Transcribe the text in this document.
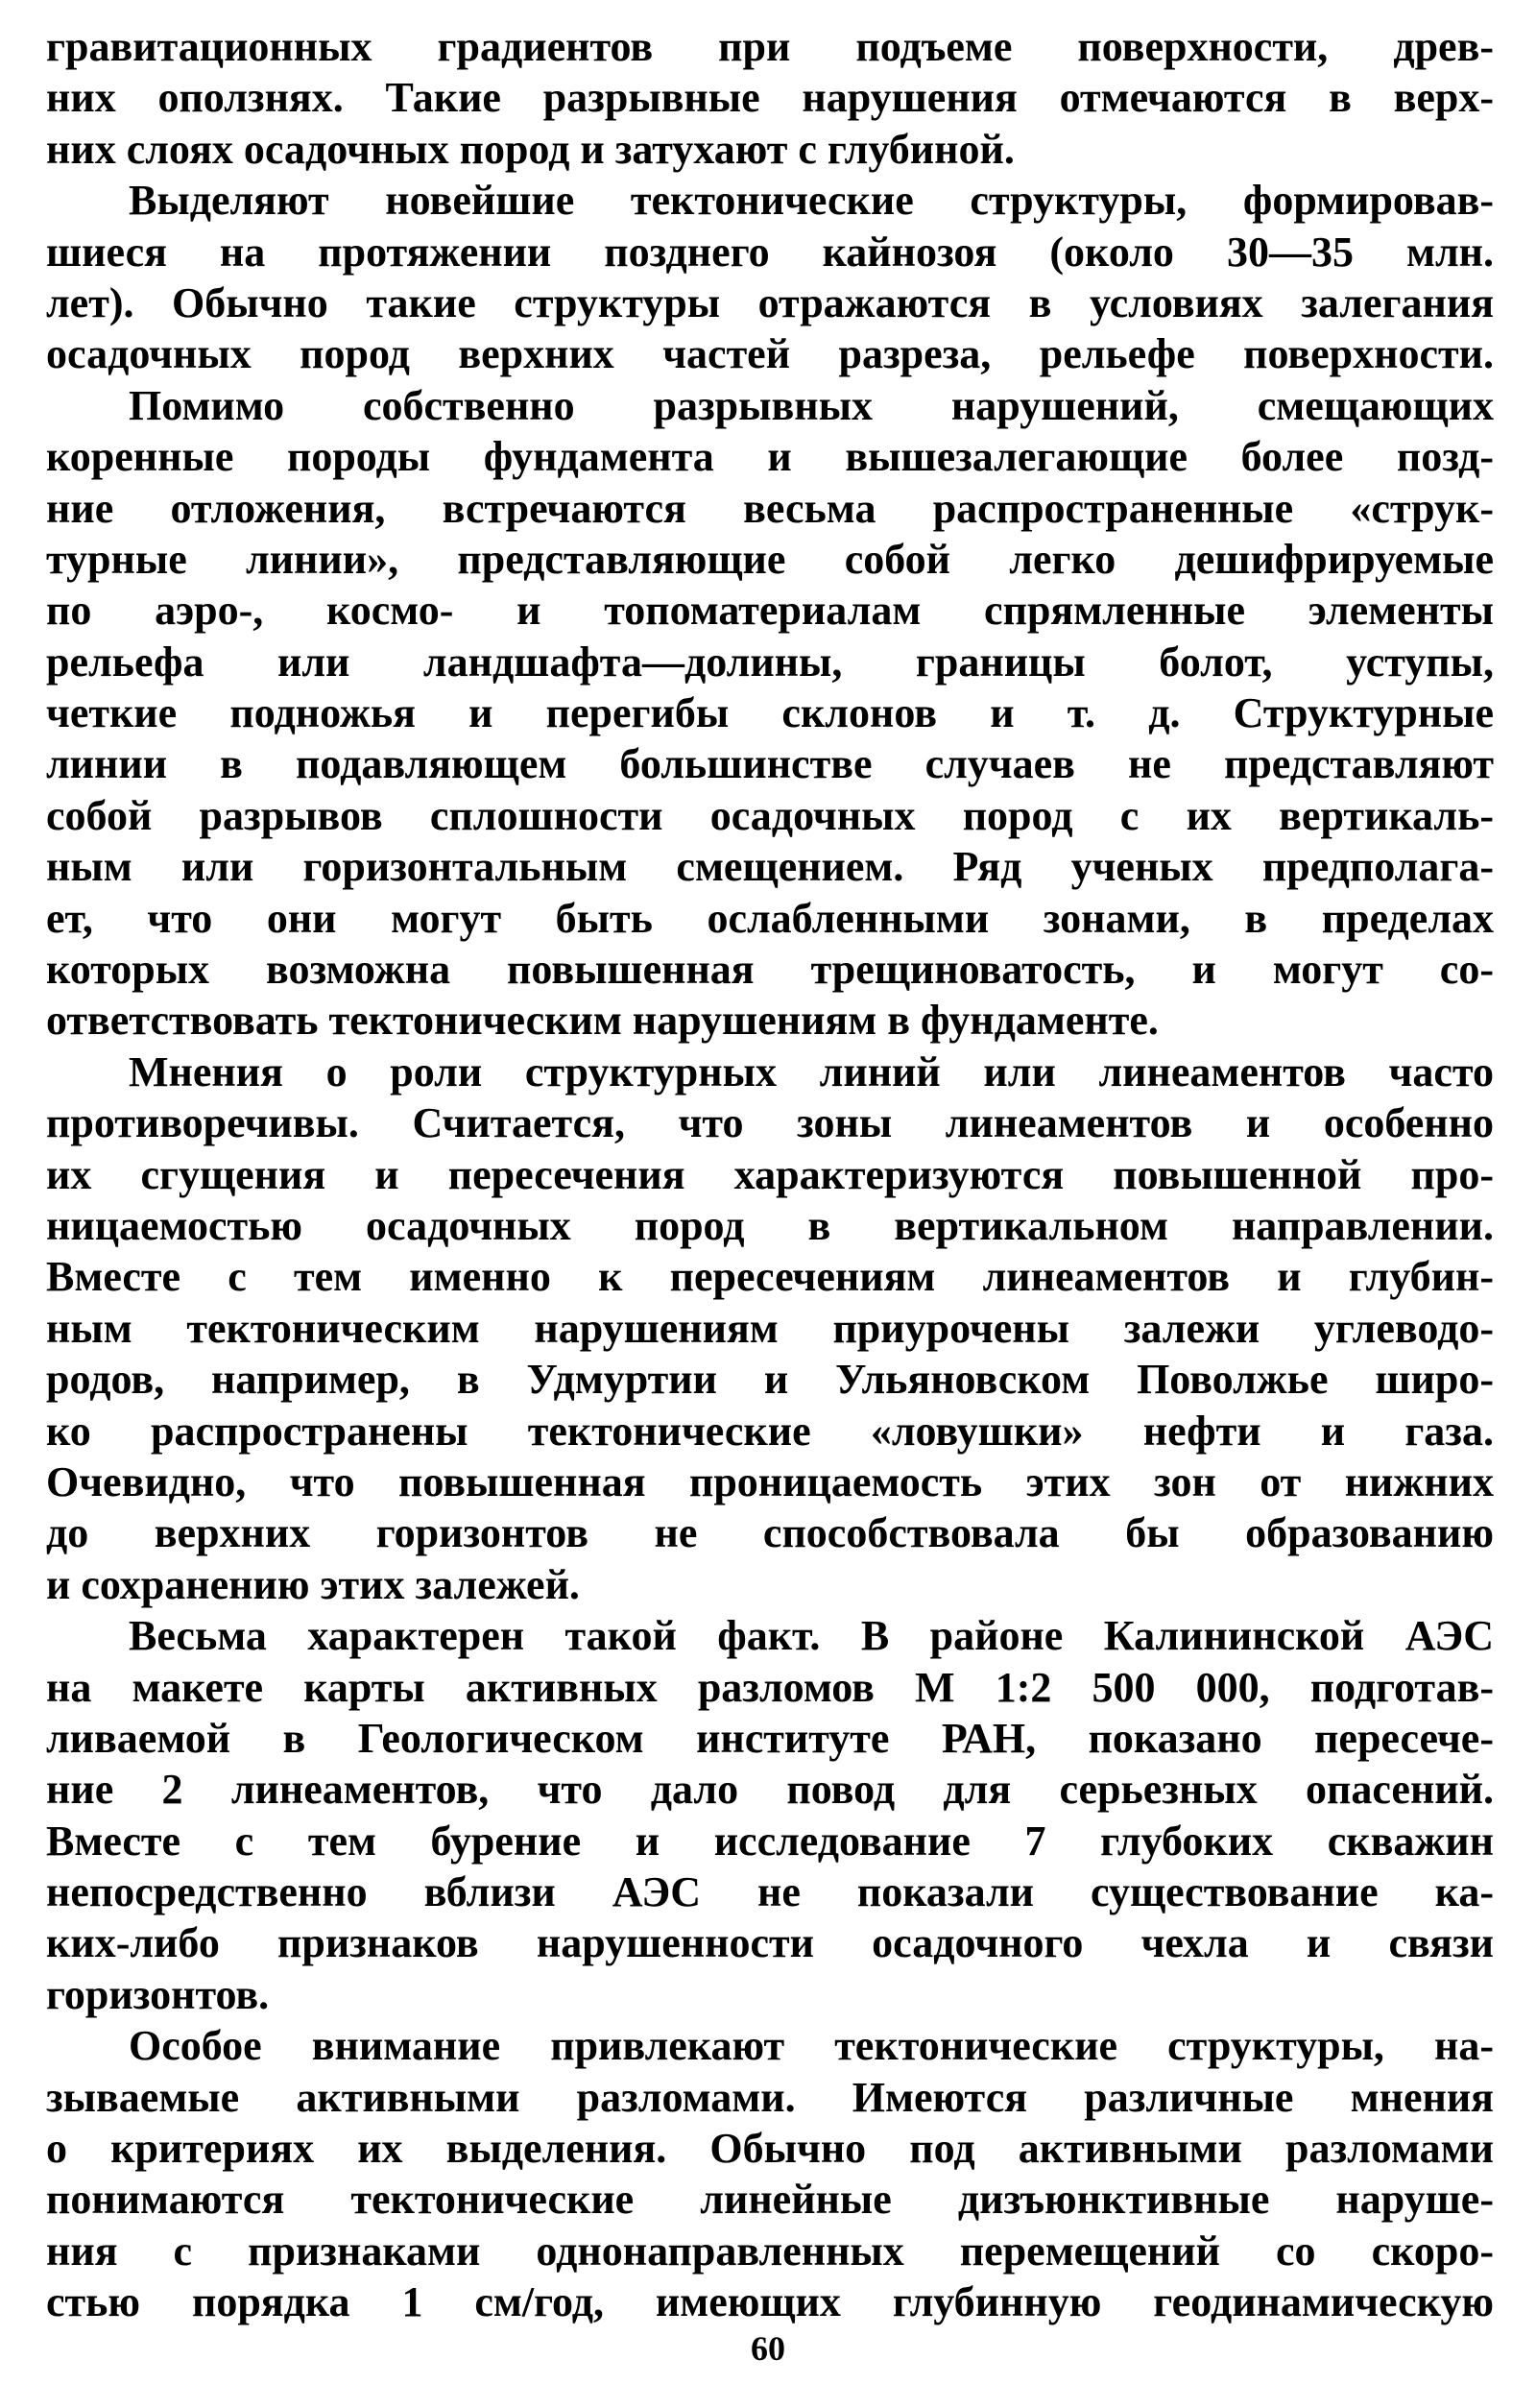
гравитационных градиентов при подъеме поверхности, древ-
них оползнях. Такие разрывные нарушения отмечаются в верх-
них слоях осадочных пород и затухают с глубиной.
Выделяют новейшие тектонические структуры, формировав-
шиеся на протяжении позднего кайнозоя (около 30—35 млн.
лет). Обычно такие структуры отражаются в условиях залегания
осадочных пород верхних частей разреза, рельефе поверхности.
Помимо собственно разрывных нарушений, смещающих
коренные породы фундамента и вышезалегающие более позд-
ние отложения, встречаются весьма распространенные «струк-
турные линии», представляющие собой легко дешифрируемые
по аэро-, космо- и топоматериалам спрямленные элементы
рельефа или ландшафта—долины, границы болот, уступы,
четкие подножья и перегибы склонов и т. д. Структурные
линии в подавляющем большинстве случаев не представляют
собой разрывов сплошности осадочных пород с их вертикаль-
ным или горизонтальным смещением. Ряд ученых предполага-
ет, что они могут быть ослабленными зонами, в пределах
которых возможна повышенная трещиноватость, и могут со-
ответствовать тектоническим нарушениям в фундаменте.
Мнения о роли структурных линий или линеаментов часто
противоречивы. Считается, что зоны линеаментов и особенно
их сгущения и пересечения характеризуются повышенной про-
ницаемостью осадочных пород в вертикальном направлении.
Вместе с тем именно к пересечениям линеаментов и глубин-
ным тектоническим нарушениям приурочены залежи углеводо-
родов, например, в Удмуртии и Ульяновском Поволжье широ-
ко распространены тектонические «ловушки» нефти и газа.
Очевидно, что повышенная проницаемость этих зон от нижних
до верхних горизонтов не способствовала бы образованию
и сохранению этих залежей.
Весьма характерен такой факт. В районе Калининской АЭС
на макете карты активных разломов М 1:2 500 000, подготав-
ливаемой в Геологическом институте РАН, показано пересече-
ние 2 линеаментов, что дало повод для серьезных опасений.
Вместе с тем бурение и исследование 7 глубоких скважин
непосредственно вблизи АЭС не показали существование ка-
ких-либо признаков нарушенности осадочного чехла и связи
горизонтов.
Особое внимание привлекают тектонические структуры, на-
зываемые активными разломами. Имеются различные мнения
о критериях их выделения. Обычно под активными разломами
понимаются тектонические линейные дизъюнктивные наруше-
ния с признаками однонаправленных перемещений со скоро-
стью порядка 1 см/год, имеющих глубинную геодинамическую
60
